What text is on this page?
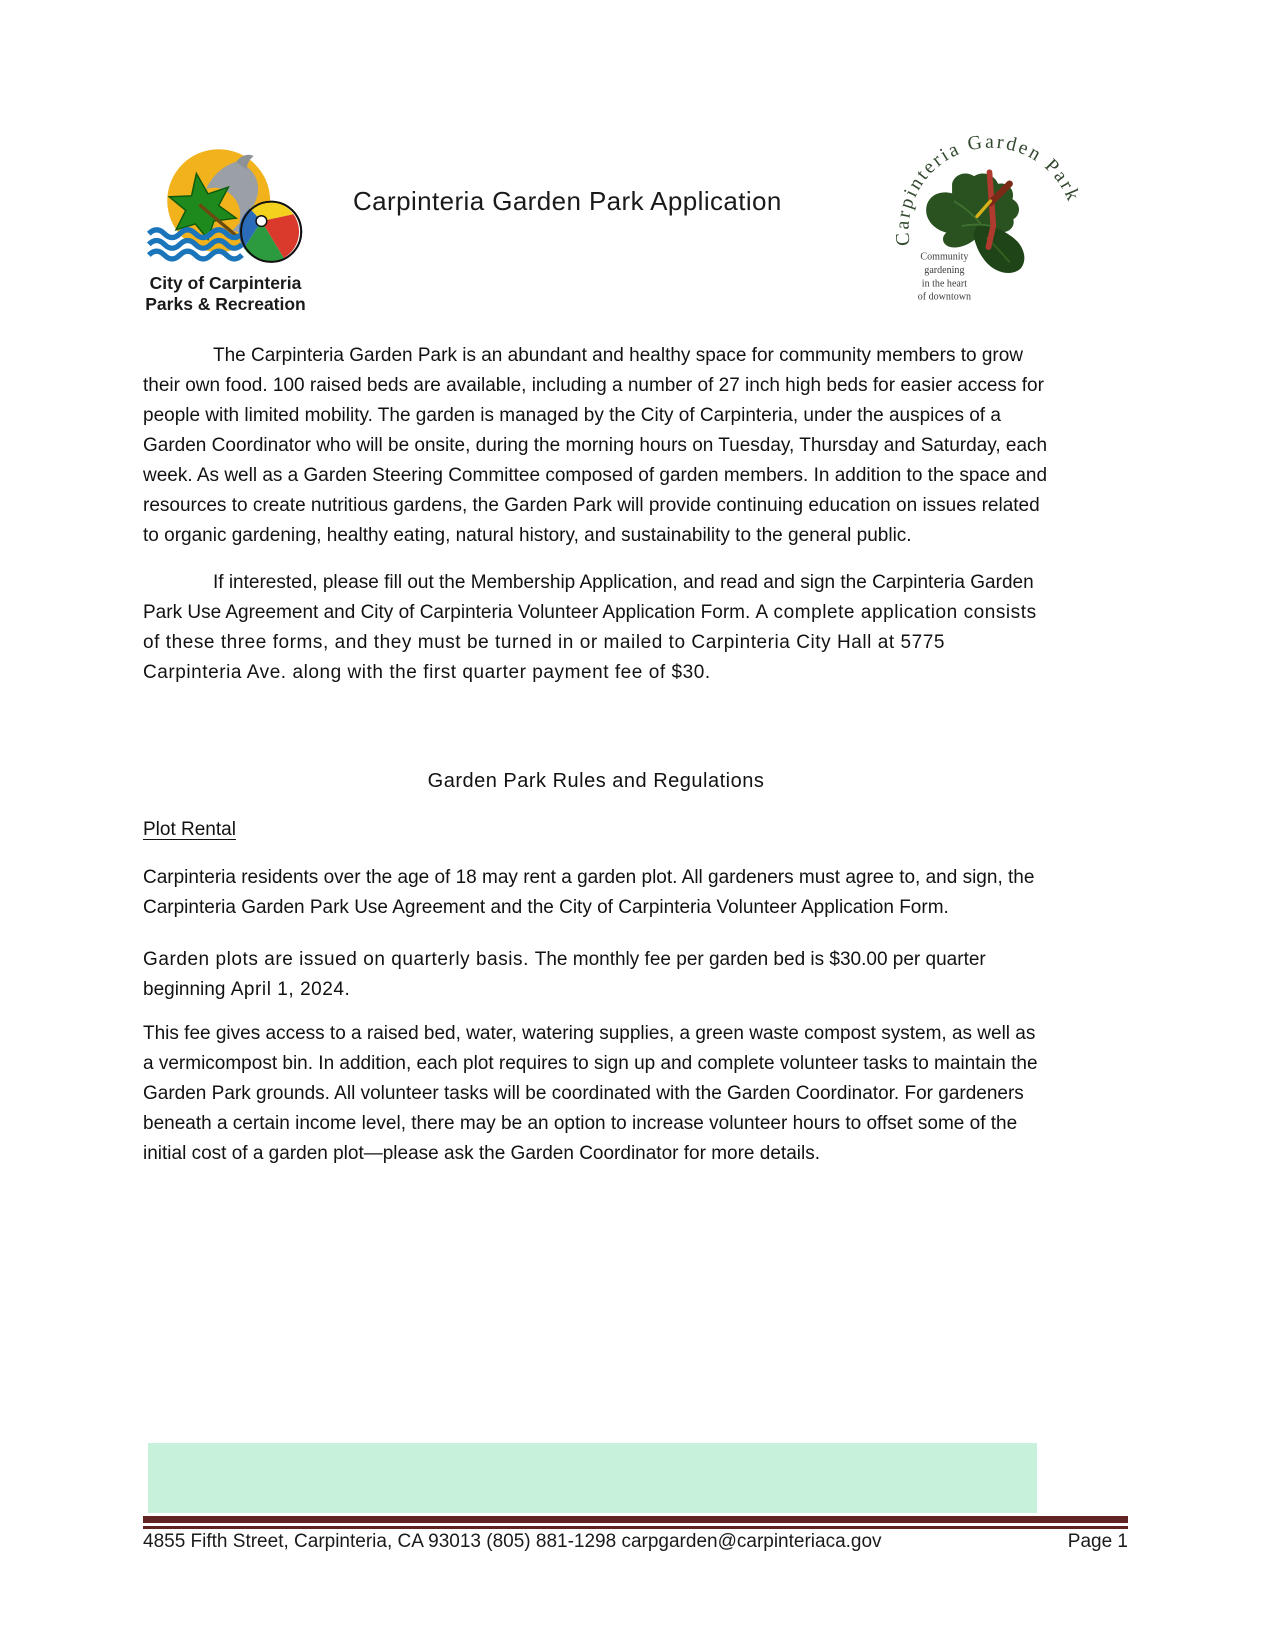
City of Carpinteria
Parks & Recreation
Carpinteria Garden Park Application
Carpinteria Garden Park
Community
gardening
in the heart
of downtown

The Carpinteria Garden Park is an abundant and healthy space for community members to grow their own food. 100 raised beds are available, including a number of 27 inch high beds for easier access for people with limited mobility. The garden is managed by the City of Carpinteria, under the auspices of a Garden Coordinator who will be onsite, during the morning hours on Tuesday, Thursday and Saturday, each week. As well as a Garden Steering Committee composed of garden members. In addition to the space and resources to create nutritious gardens, the Garden Park will provide continuing education on issues related to organic gardening, healthy eating, natural history, and sustainability to the general public.

If interested, please fill out the Membership Application, and read and sign the Carpinteria Garden Park Use Agreement and City of Carpinteria Volunteer Application Form. A complete application consists of these three forms, and they must be turned in or mailed to Carpinteria City Hall at 5775 Carpinteria Ave. along with the first quarter payment fee of $30.

Garden Park Rules and Regulations
Plot Rental

Carpinteria residents over the age of 18 may rent a garden plot. All gardeners must agree to, and sign, the Carpinteria Garden Park Use Agreement and the City of Carpinteria Volunteer Application Form.

Garden plots are issued on quarterly basis. The monthly fee per garden bed is $30.00 per quarter beginning April 1, 2024.

This fee gives access to a raised bed, water, watering supplies, a green waste compost system, as well as a vermicompost bin. In addition, each plot requires to sign up and complete volunteer tasks to maintain the Garden Park grounds. All volunteer tasks will be coordinated with the Garden Coordinator. For gardeners beneath a certain income level, there may be an option to increase volunteer hours to offset some of the initial cost of a garden plot—please ask the Garden Coordinator for more details.

4855 Fifth Street, Carpinteria, CA 93013 (805) 881-1298 carpgarden@carpinteriaca.gov	Page 1
